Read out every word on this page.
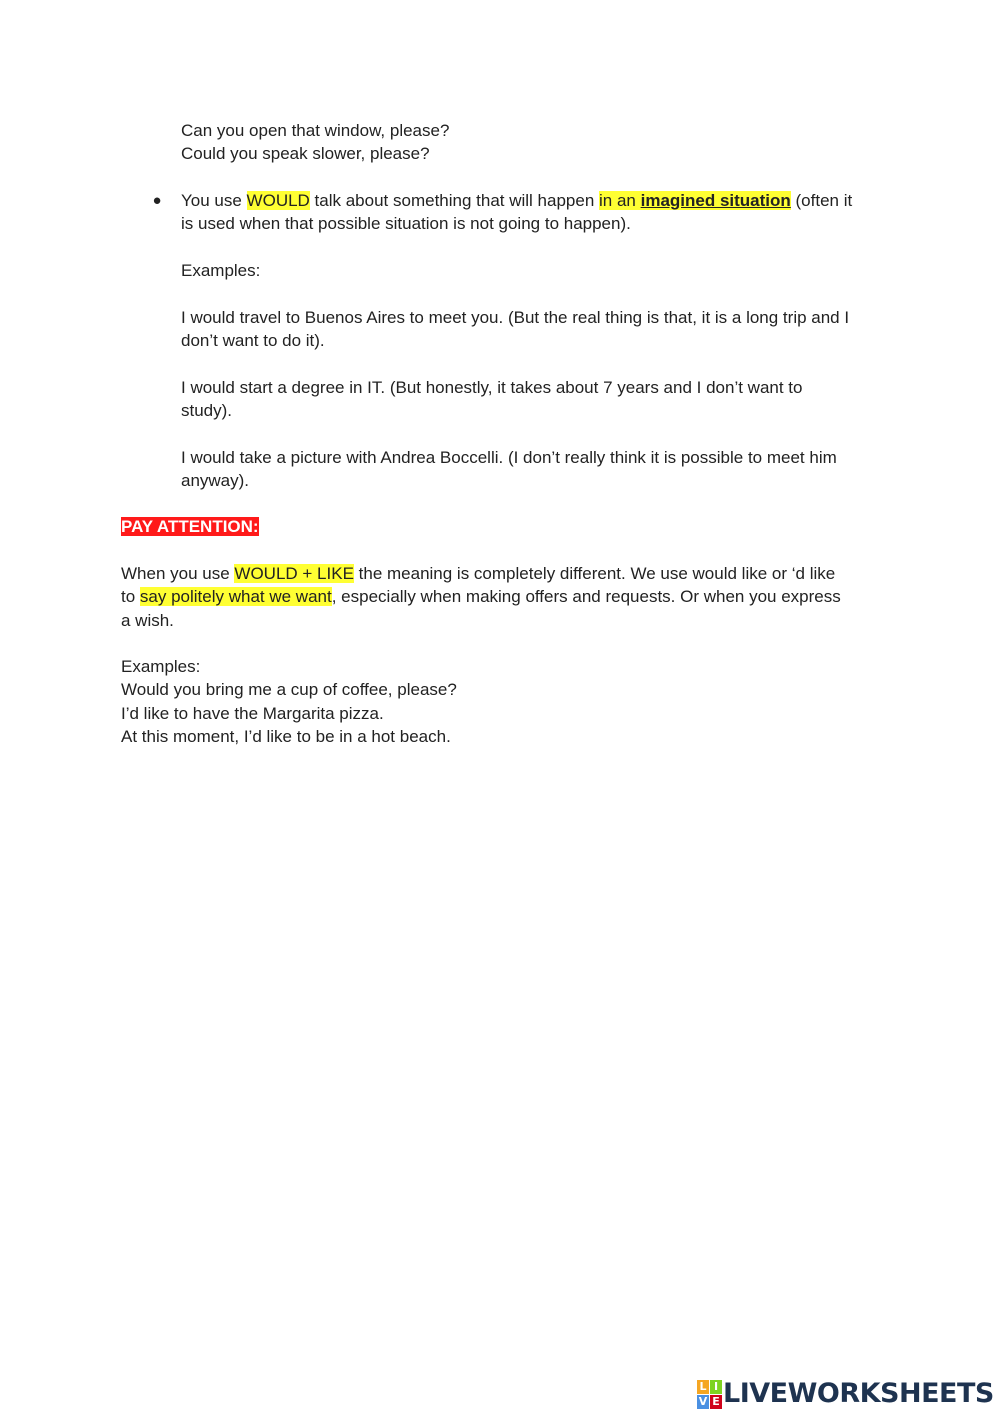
Can you open that window, please?
Could you speak slower, please?
● You use WOULD talk about something that will happen in an imagined situation (often it
is used when that possible situation is not going to happen).
Examples:
I would travel to Buenos Aires to meet you. (But the real thing is that, it is a long trip and I
don’t want to do it).
I would start a degree in IT. (But honestly, it takes about 7 years and I don’t want to
study).
I would take a picture with Andrea Boccelli. (I don’t really think it is possible to meet him
anyway).
PAY ATTENTION:
When you use WOULD + LIKE the meaning is completely different. We use would like or ‘d like
to say politely what we want, especially when making offers and requests. Or when you express
a wish.
Examples:
Would you bring me a cup of coffee, please?
I’d like to have the Margarita pizza.
At this moment, I’d like to be in a hot beach.
L I
V E LIVEWORKSHEETS
